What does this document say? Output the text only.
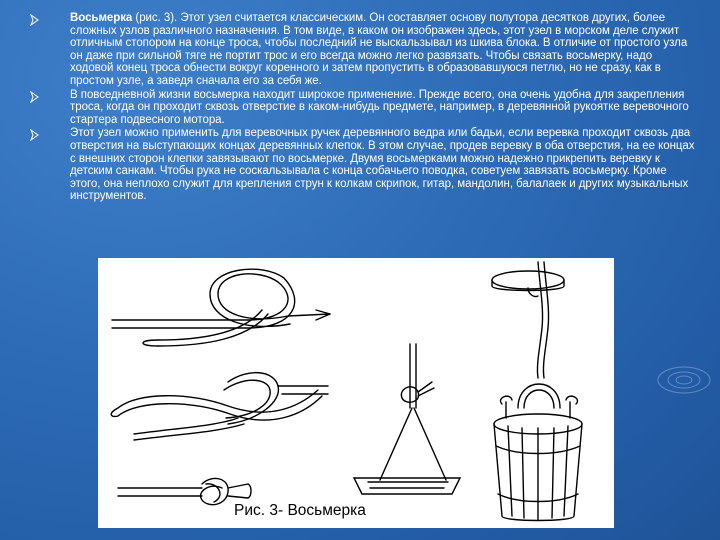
Восьмерка (рис. 3). Этот узел считается классическим. Он составляет основу полутора десятков других, более сложных узлов различного назначения. В том виде, в каком он изображен здесь, этот узел в морском деле служит отличным стопором на конце троса, чтобы последний не выскальзывал из шкива блока. В отличие от простого узла он даже при сильной тяге не портит трос и его всегда можно легко развязать. Чтобы связать восьмерку, надо ходовой конец троса обнести вокруг коренного и затем пропустить в образовавшуюся петлю, но не сразу, как в простом узле, а заведя сначала его за себя же.
В повседневной жизни восьмерка находит широкое применение. Прежде всего, она очень удобна для закрепления троса, когда он проходит сквозь отверстие в каком-нибудь предмете, например, в деревянной рукоятке веревочного стартера подвесного мотора.
Этот узел можно применить для веревочных ручек деревянного ведра или бадьи, если веревка проходит сквозь два отверстия на выступающих концах деревянных клепок. В этом случае, продев веревку в оба отверстия, на ее концах с внешних сторон клепки завязывают по восьмерке. Двумя восьмерками можно надежно прикрепить веревку к детским санкам. Чтобы рука не соскальзывала с конца собачьего поводка, советуем завязать восьмерку. Кроме этого, она неплохо служит для крепления струн к колкам скрипок, гитар, мандолин, балалаек и других музыкальных инструментов.
Рис. 3- Восьмерка
